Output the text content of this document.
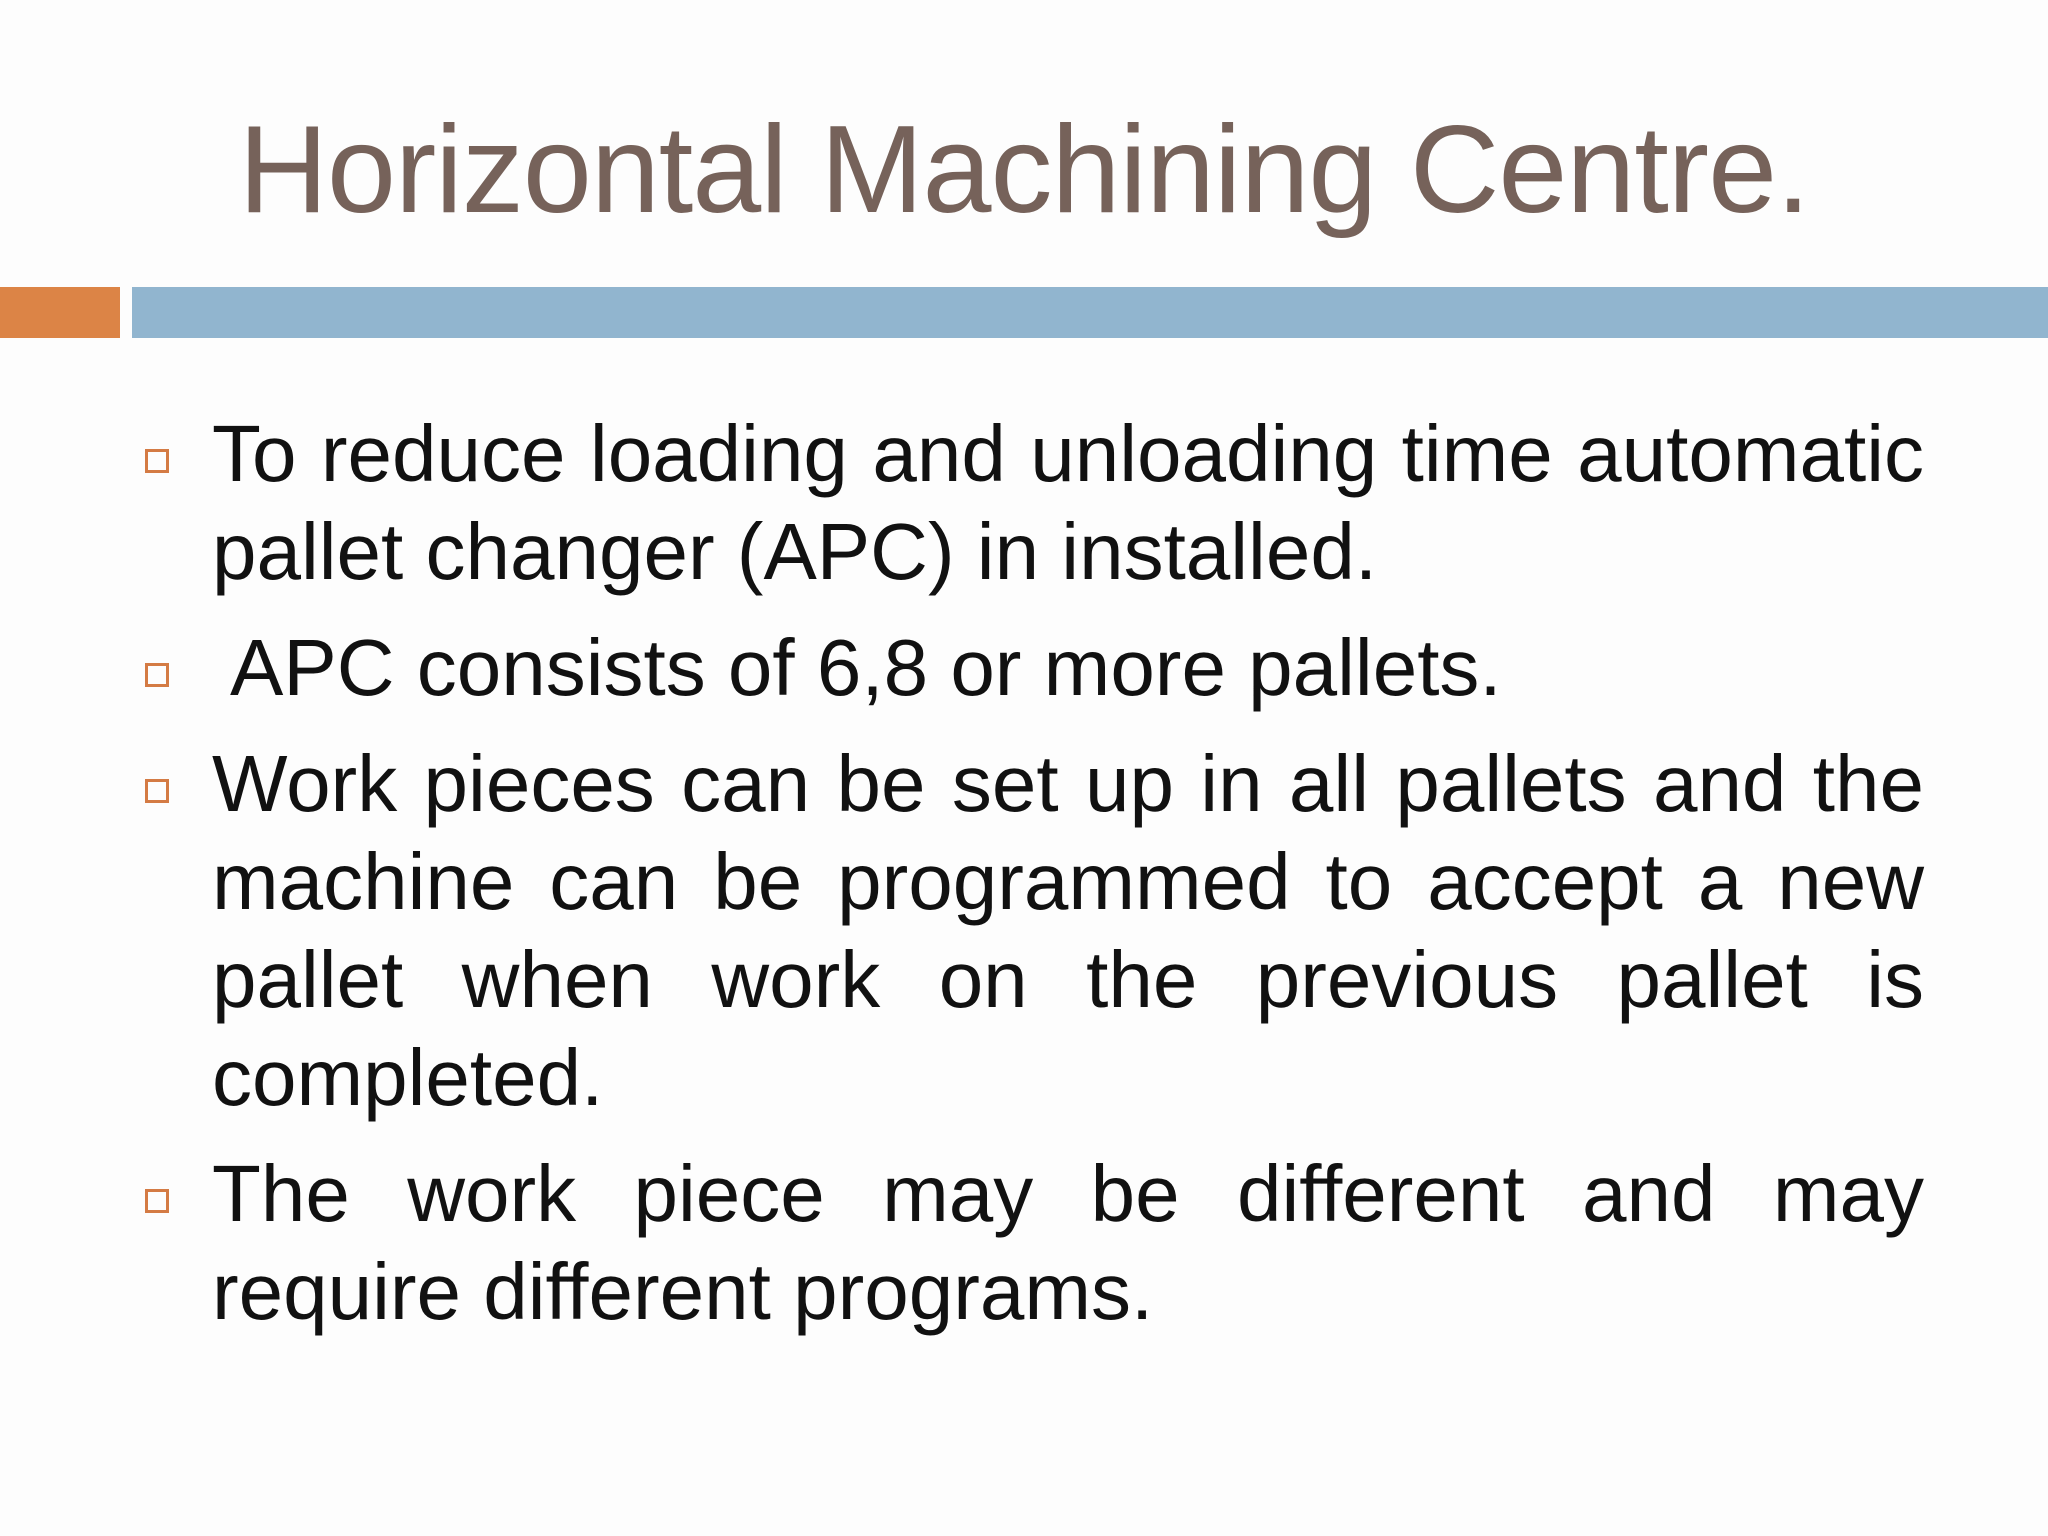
Horizontal Machining Centre.
To reduce loading and unloading time automatic pallet changer (APC) in installed.
APC consists of 6,8 or more pallets.
Work pieces can be set up in all pallets and the machine can be programmed to accept a new pallet when work on the previous pallet is completed.
The work piece may be different and may require different programs.
